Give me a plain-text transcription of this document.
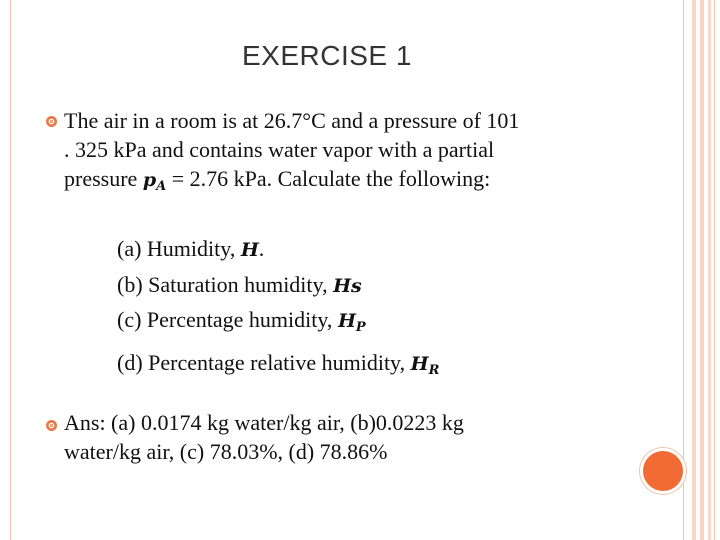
EXERCISE 1
The air in a room is at 26.7°C and a pressure of 101
. 325 kPa and contains water vapor with a partial
pressure $p_A = 2.76$ kPa. Calculate the following:
(a) Humidity, H.
(b) Saturation humidity, Hs
(c) Percentage humidity, $H_P$
(d) Percentage relative humidity, $H_R$
Ans: (a) 0.0174 kg water/kg air, (b)0.0223 kg
water/kg air, (c) 78.03%, (d) 78.86%
